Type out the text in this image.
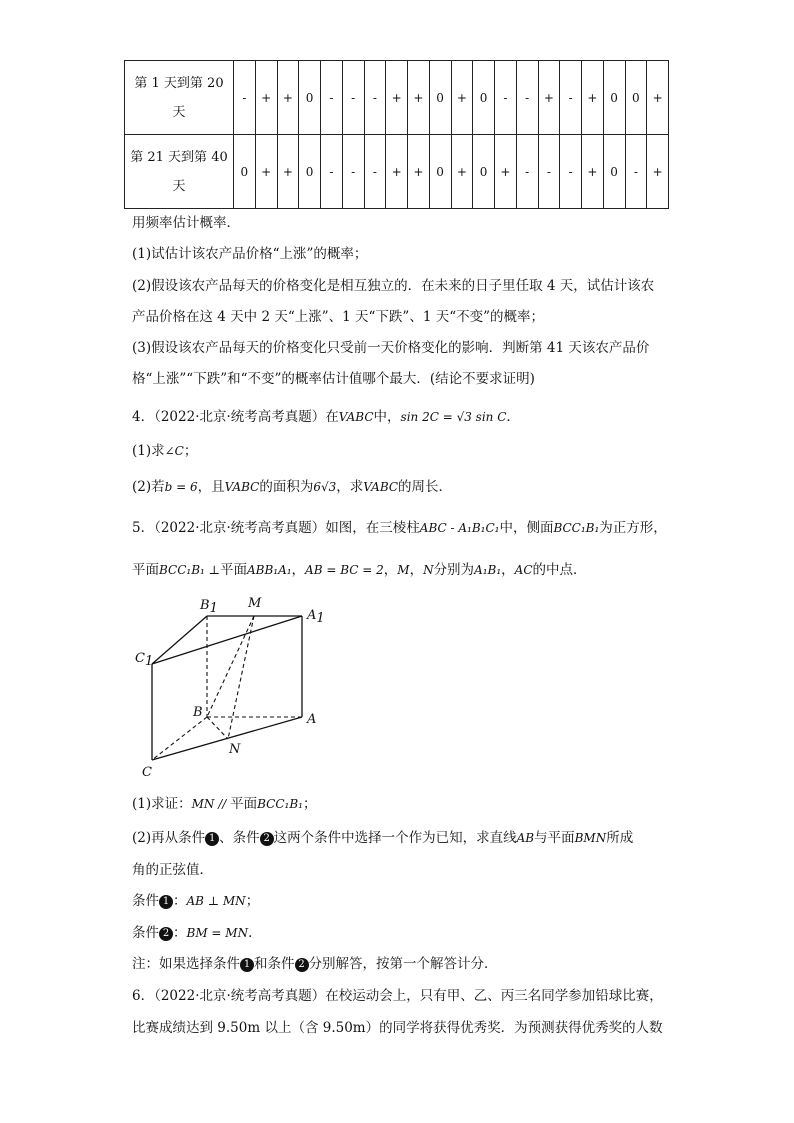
第 1 天到第 20
天	-	+	+	0	-	-	-	+	+	0	+	0	-	-	+	-	+	0	0	+
第 21 天到第 40
天	0	+	+	0	-	-	-	+	+	0	+	0	+	-	-	-	+	0	-	+
用频率估计概率．
(1)试估计该农产品价格“上涨”的概率；
(2)假设该农产品每天的价格变化是相互独立的．在未来的日子里任取 4 天，试估计该农
产品价格在这 4 天中 2 天“上涨”、1 天“下跌”、1 天“不变”的概率；
(3)假设该农产品每天的价格变化只受前一天价格变化的影响．判断第 41 天该农产品价
格“上涨”“下跌”和“不变”的概率估计值哪个最大．(结论不要求证明)
4．（2022·北京·统考高考真题）在VABC中，sin 2C = √3 sin C．
(1)求∠C；
(2)若b = 6，且VABC的面积为6√3，求VABC的周长．
5．（2022·北京·统考高考真题）如图，在三棱柱ABC - A₁B₁C₁中，侧面BCC₁B₁为正方形，
平面BCC₁B₁ ⊥平面ABB₁A₁，AB = BC = 2，M，N分别为A₁B₁，AC的中点．
B1 M
A1
C1
B	A
N
C
(1)求证：MN // 平面BCC₁B₁；
(2)再从条件 1 、条件 2 这两个条件中选择一个作为已知，求直线AB与平面BMN所成
角的正弦值．
条件 1 ：AB ⊥ MN；
条件 2 ：BM = MN．
注：如果选择条件 1 和条件 2 分别解答，按第一个解答计分．
6．（2022·北京·统考高考真题）在校运动会上，只有甲、乙、丙三名同学参加铅球比赛，
比赛成绩达到 9.50m 以上（含 9.50m）的同学将获得优秀奖．为预测获得优秀奖的人数
